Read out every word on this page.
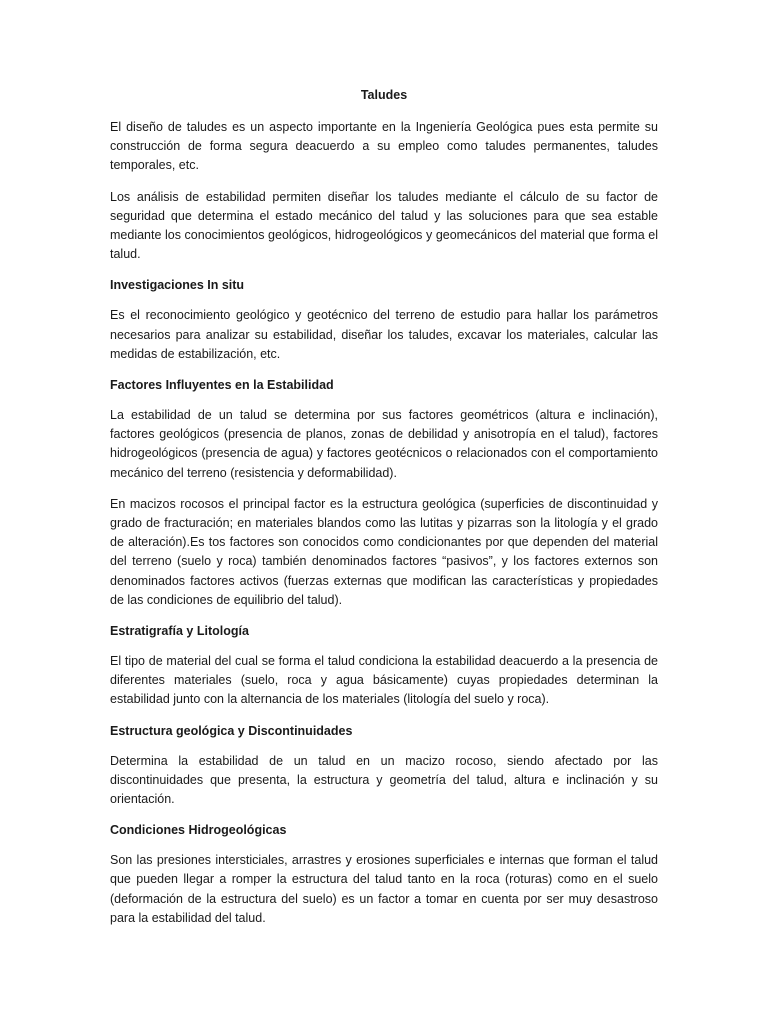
Taludes

El diseño de taludes es un aspecto importante en la Ingeniería Geológica pues esta permite su construcción de forma segura deacuerdo a su empleo como taludes permanentes, taludes temporales, etc.

Los análisis de estabilidad permiten diseñar los taludes mediante el cálculo de su factor de seguridad que determina el estado mecánico del talud y las soluciones para que sea estable mediante los conocimientos geológicos, hidrogeológicos y geomecánicos del material que forma el talud.

Investigaciones In situ

Es el reconocimiento geológico y geotécnico del terreno de estudio para hallar los parámetros necesarios para analizar su estabilidad, diseñar los taludes, excavar los materiales, calcular las medidas de estabilización, etc.

Factores Influyentes en la Estabilidad

La estabilidad de un talud se determina por sus factores geométricos (altura e inclinación), factores geológicos (presencia de planos, zonas de debilidad y anisotropía en el talud), factores hidrogeológicos (presencia de agua) y factores geotécnicos o relacionados con el comportamiento mecánico del terreno (resistencia y deformabilidad).

En macizos rocosos el principal factor es la estructura geológica (superficies de discontinuidad y grado de fracturación; en materiales blandos como las lutitas y pizarras son la litología y el grado de alteración).Es tos factores son conocidos como condicionantes por que dependen del material del terreno (suelo y roca) también denominados factores “pasivos”, y los factores externos son denominados factores activos (fuerzas externas que modifican las características y propiedades de las condiciones de equilibrio del talud).

Estratigrafía y Litología

El tipo de material del cual se forma el talud condiciona la estabilidad deacuerdo a la presencia de diferentes materiales (suelo, roca y agua básicamente) cuyas propiedades determinan la estabilidad junto con la alternancia de los materiales (litología del suelo y roca).

Estructura geológica y Discontinuidades

Determina la estabilidad de un talud en un macizo rocoso, siendo afectado por las discontinuidades que presenta, la estructura y geometría del talud, altura e inclinación y su orientación.

Condiciones Hidrogeológicas

Son las presiones intersticiales, arrastres y erosiones superficiales e internas que forman el talud que pueden llegar a romper la estructura del talud tanto en la roca (roturas) como en el suelo (deformación de la estructura del suelo) es un factor a tomar en cuenta por ser muy desastroso para la estabilidad del talud.
